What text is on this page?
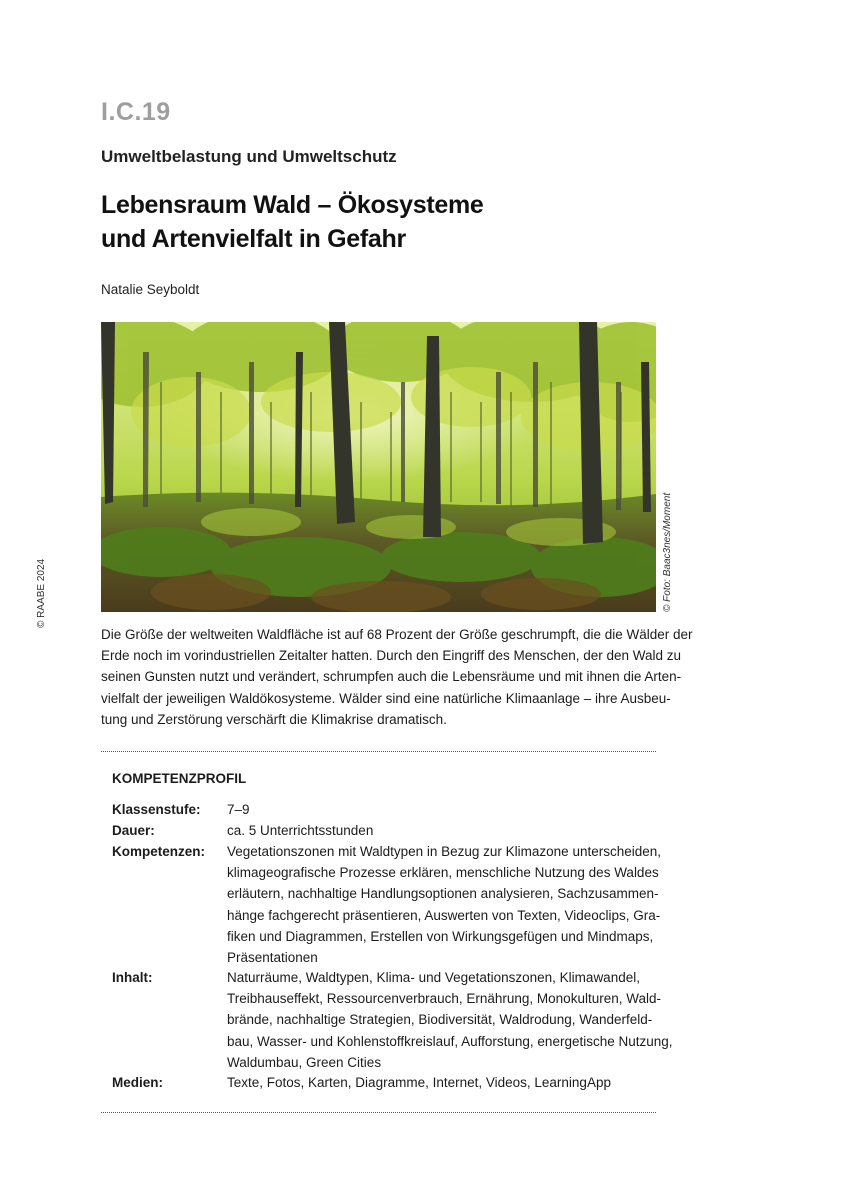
I.C.19
Umweltbelastung und Umweltschutz
Lebensraum Wald – Ökosysteme
und Artenvielfalt in Gefahr
Natalie Seyboldt
© RAABE 2024	© Foto: Baac3nes/Moment

Die Größe der weltweiten Waldfläche ist auf 68 Prozent der Größe geschrumpft, die die Wälder der
Erde noch im vorindustriellen Zeitalter hatten. Durch den Eingriff des Menschen, der den Wald zu
seinen Gunsten nutzt und verändert, schrumpfen auch die Lebensräume und mit ihnen die Arten-
vielfalt der jeweiligen Waldökosysteme. Wälder sind eine natürliche Klimaanlage – ihre Ausbeu-
tung und Zerstörung verschärft die Klimakrise dramatisch.

KOMPETENZPROFIL
Klassenstufe: 7–9
Dauer:	ca. 5 Unterrichtsstunden
Kompetenzen: Vegetationszonen mit Waldtypen in Bezug zur Klimazone unterscheiden,
klimageografische Prozesse erklären, menschliche Nutzung des Waldes
erläutern, nachhaltige Handlungsoptionen analysieren, Sachzusammen-
hänge fachgerecht präsentieren, Auswerten von Texten, Videoclips, Gra-
fiken und Diagrammen, Erstellen von Wirkungsgefügen und Mindmaps,
Präsentationen
Inhalt:	Naturräume, Waldtypen, Klima- und Vegetationszonen, Klimawandel,
Treibhauseffekt, Ressourcenverbrauch, Ernährung, Monokulturen, Wald-
brände, nachhaltige Strategien, Biodiversität, Waldrodung, Wanderfeld-
bau, Wasser- und Kohlenstoffkreislauf, Aufforstung, energetische Nutzung,
Waldumbau, Green Cities
Medien:	Texte, Fotos, Karten, Diagramme, Internet, Videos, LearningApp
